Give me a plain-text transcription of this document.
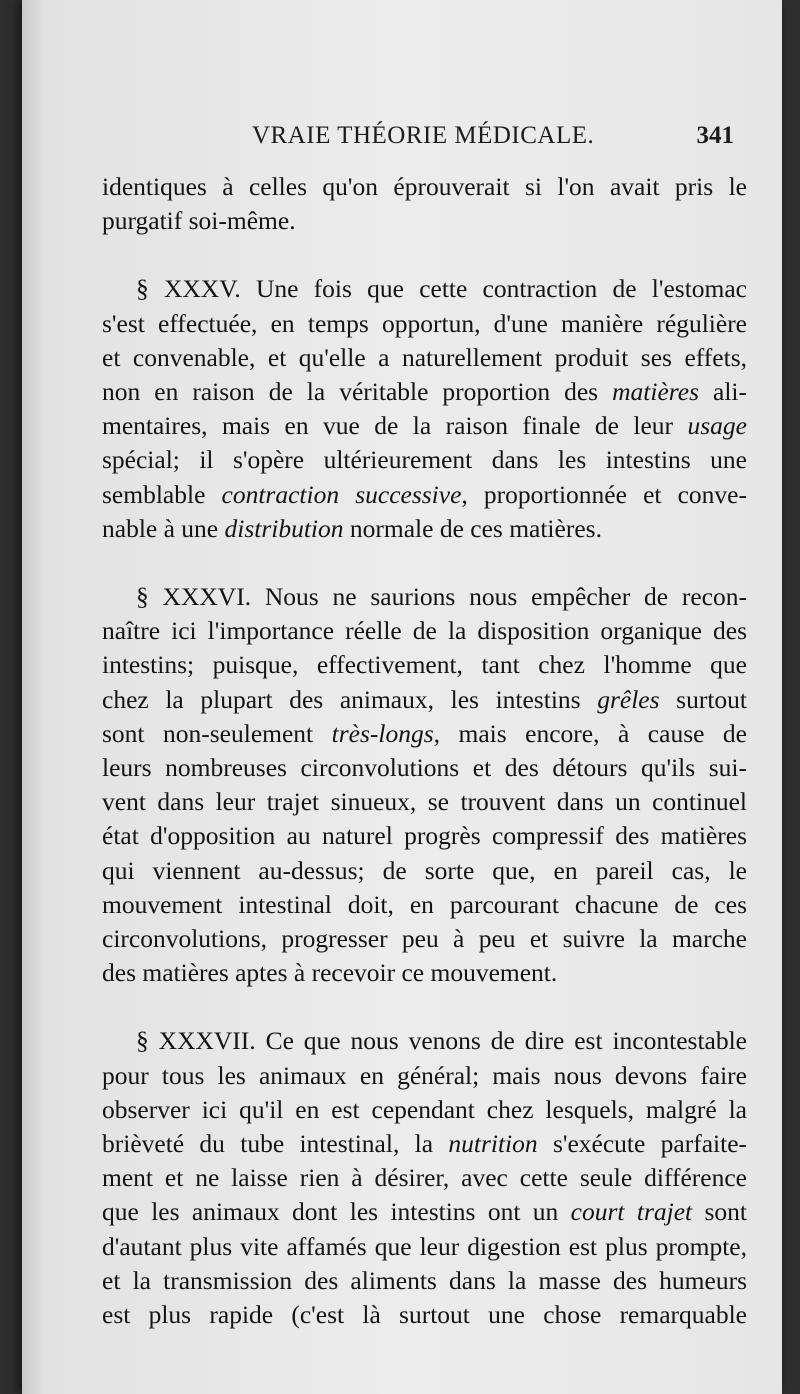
VRAIE THÉORIE MÉDICALE.	341
identiques à celles qu'on éprouverait si l'on avait pris le
purgatif soi-même.
§ XXXV. Une fois que cette contraction de l'estomac
s'est effectuée, en temps opportun, d'une manière régulière
et convenable, et qu'elle a naturellement produit ses effets,
non en raison de la véritable proportion des matières ali-
mentaires, mais en vue de la raison finale de leur usage
spécial; il s'opère ultérieurement dans les intestins une
semblable contraction successive, proportionnée et conve-
nable à une distribution normale de ces matières.
§ XXXVI. Nous ne saurions nous empêcher de recon-
naître ici l'importance réelle de la disposition organique des
intestins; puisque, effectivement, tant chez l'homme que
chez la plupart des animaux, les intestins grêles surtout
sont non-seulement très-longs, mais encore, à cause de
leurs nombreuses circonvolutions et des détours qu'ils sui-
vent dans leur trajet sinueux, se trouvent dans un continuel
état d'opposition au naturel progrès compressif des matières
qui viennent au-dessus; de sorte que, en pareil cas, le
mouvement intestinal doit, en parcourant chacune de ces
circonvolutions, progresser peu à peu et suivre la marche
des matières aptes à recevoir ce mouvement.
§ XXXVII. Ce que nous venons de dire est incontestable
pour tous les animaux en général; mais nous devons faire
observer ici qu'il en est cependant chez lesquels, malgré la
brièveté du tube intestinal, la nutrition s'exécute parfaite-
ment et ne laisse rien à désirer, avec cette seule différence
que les animaux dont les intestins ont un court trajet sont
d'autant plus vite affamés que leur digestion est plus prompte,
et la transmission des aliments dans la masse des humeurs
est plus rapide (c'est là surtout une chose remarquable
